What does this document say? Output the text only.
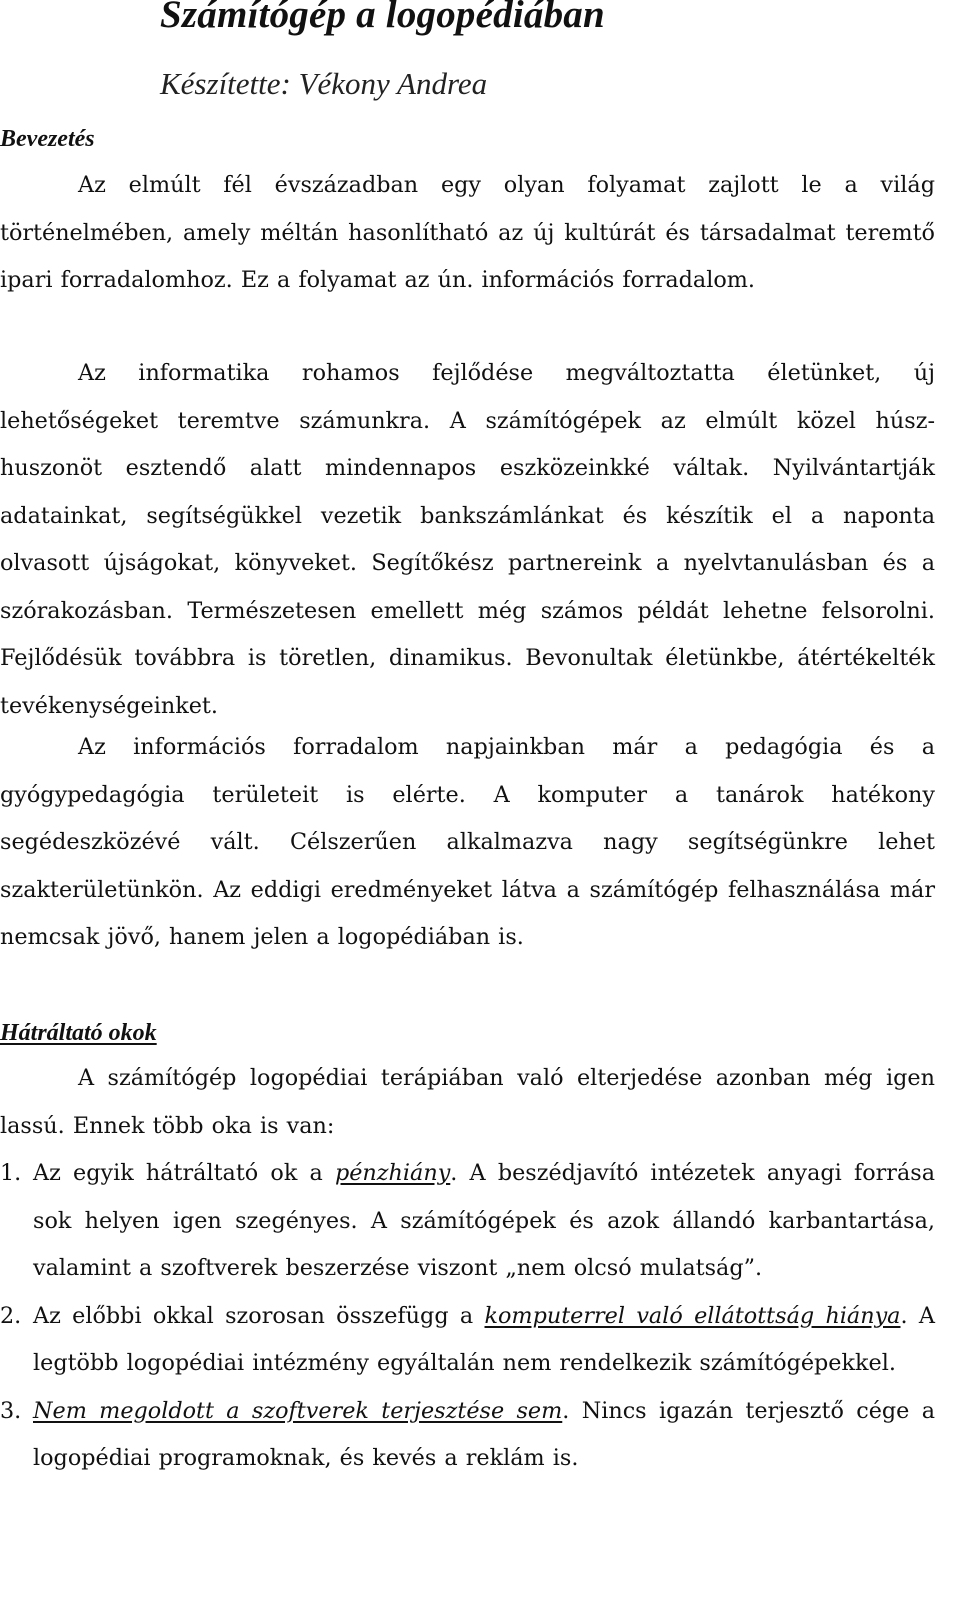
Számítógép a logopédiában
Készítette: Vékony Andrea
Bevezetés

Az elmúlt fél évszázadban egy olyan folyamat zajlott le a világ történelmében, amely méltán hasonlítható az új kultúrát és társadalmat teremtő ipari forradalomhoz. Ez a folyamat az ún. információs forradalom.

Az informatika rohamos fejlődése megváltoztatta életünket, új lehetőségeket teremtve számunkra. A számítógépek az elmúlt közel húsz-huszonöt esztendő alatt mindennapos eszközeinkké váltak. Nyilvántartják adatainkat, segítségükkel vezetik bankszámlánkat és készítik el a naponta olvasott újságokat, könyveket. Segítőkész partnereink a nyelvtanulásban és a szórakozásban. Természetesen emellett még számos példát lehetne felsorolni. Fejlődésük továbbra is töretlen, dinamikus. Bevonultak életünkbe, átértékelték tevékenységeinket.

Az információs forradalom napjainkban már a pedagógia és a gyógypedagógia területeit is elérte. A komputer a tanárok hatékony segédeszközévé vált. Célszerűen alkalmazva nagy segítségünkre lehet szakterületünkön. Az eddigi eredményeket látva a számítógép felhasználása már nemcsak jövő, hanem jelen a logopédiában is.

Hátráltató okok

A számítógép logopédiai terápiában való elterjedése azonban még igen lassú. Ennek több oka is van:

1. Az egyik hátráltató ok a pénzhiány. A beszédjavító intézetek anyagi forrása sok helyen igen szegényes. A számítógépek és azok állandó karbantartása, valamint a szoftverek beszerzése viszont „nem olcsó mulatság”.
2. Az előbbi okkal szorosan összefügg a komputerrel való ellátottság hiánya. A legtöbb logopédiai intézmény egyáltalán nem rendelkezik számítógépekkel.
3. Nem megoldott a szoftverek terjesztése sem. Nincs igazán terjesztő cége a logopédiai programoknak, és kevés a reklám is.
